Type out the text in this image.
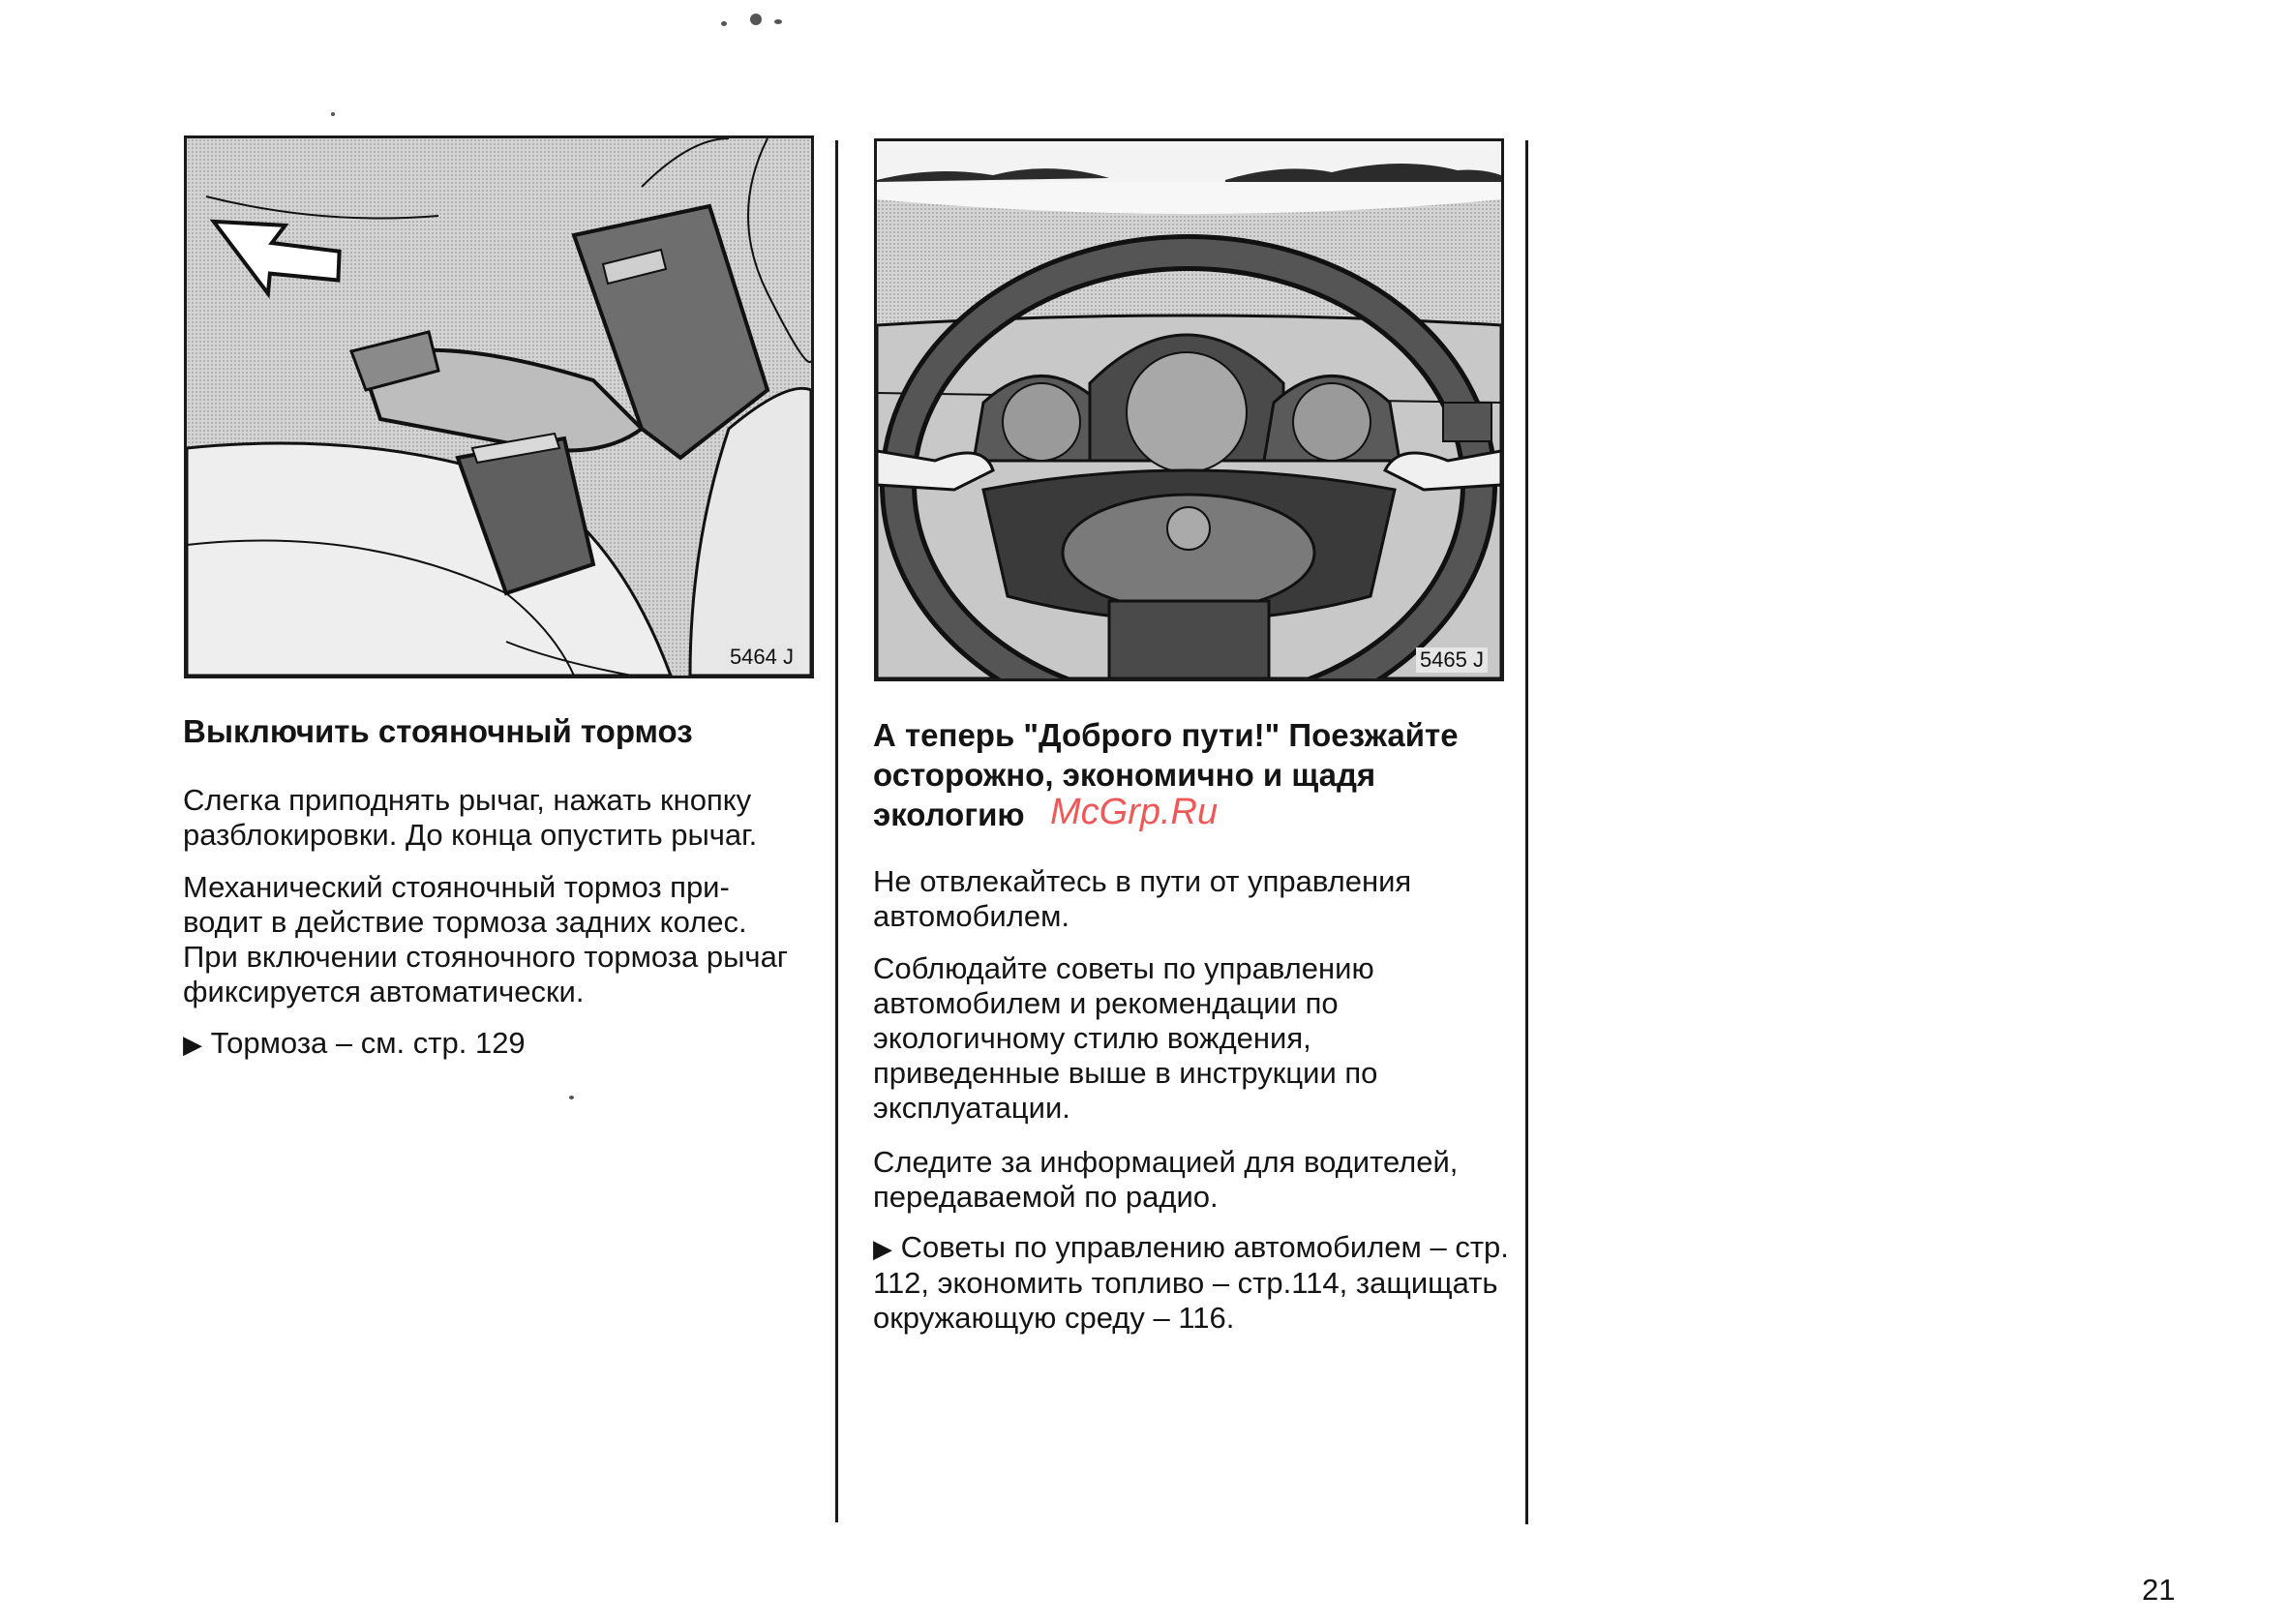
5464 J	5465 J
Выключить стояночный тормоз

Слегка приподнять рычаг, нажать кнопку разблокировки. До конца опустить рычаг.

Механический стояночный тормоз при-водит в действие тормоза задних колес. При включении стояночного тормоза рычаг фиксируется автоматически.

▶ Тормоза – см. стр. 129
А теперь "Доброго пути!" Поезжайте осторожно, экономично и щадя экологию McGrp.Ru

Не отвлекайтесь в пути от управления автомобилем.

Соблюдайте советы по управлению автомобилем и рекомендации по экологичному стилю вождения, приведенные выше в инструкции по эксплуатации.

Следите за информацией для водителей, передаваемой по радио.

▶ Советы по управлению автомобилем – стр. 112, экономить топливо – стр.114, защищать окружающую среду – 116.
21
